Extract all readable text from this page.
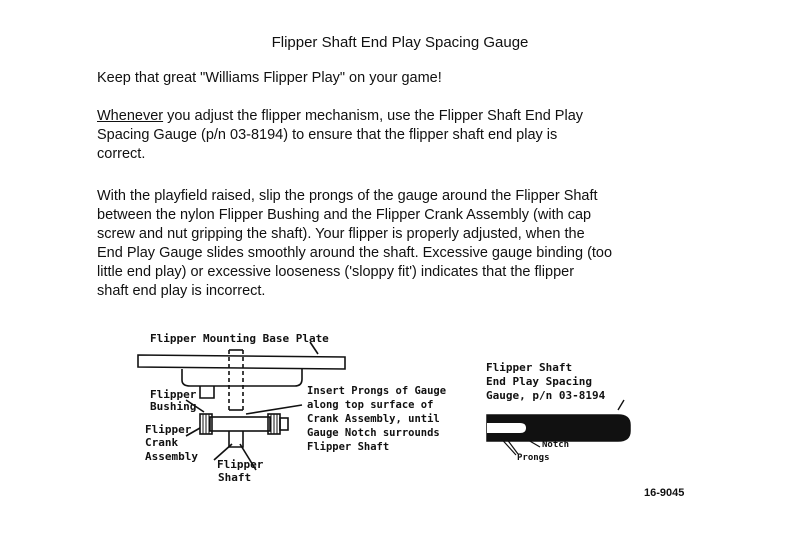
Flipper Shaft End Play Spacing Gauge

Keep that great "Williams Flipper Play" on your game!

Whenever you adjust the flipper mechanism, use the Flipper Shaft End Play
Spacing Gauge (p/n 03-8194) to ensure that the flipper shaft end play is
correct.

With the playfield raised, slip the prongs of the gauge around the Flipper Shaft
between the nylon Flipper Bushing and the Flipper Crank Assembly (with cap
screw and nut gripping the shaft). Your flipper is properly adjusted, when the
End Play Gauge slides smoothly around the shaft. Excessive gauge binding (too
little end play) or excessive looseness ('sloppy fit') indicates that the flipper
shaft end play is incorrect.

Flipper Mounting Base Plate
Flipper
Bushing
Flipper
Crank
Assembly
Flipper
Shaft
Insert Prongs of Gauge
along top surface of
Crank Assembly, until
Gauge Notch surrounds
Flipper Shaft
Flipper Shaft
End Play Spacing
Gauge, p/n 03-8194
Notch
Prongs
16-9045
